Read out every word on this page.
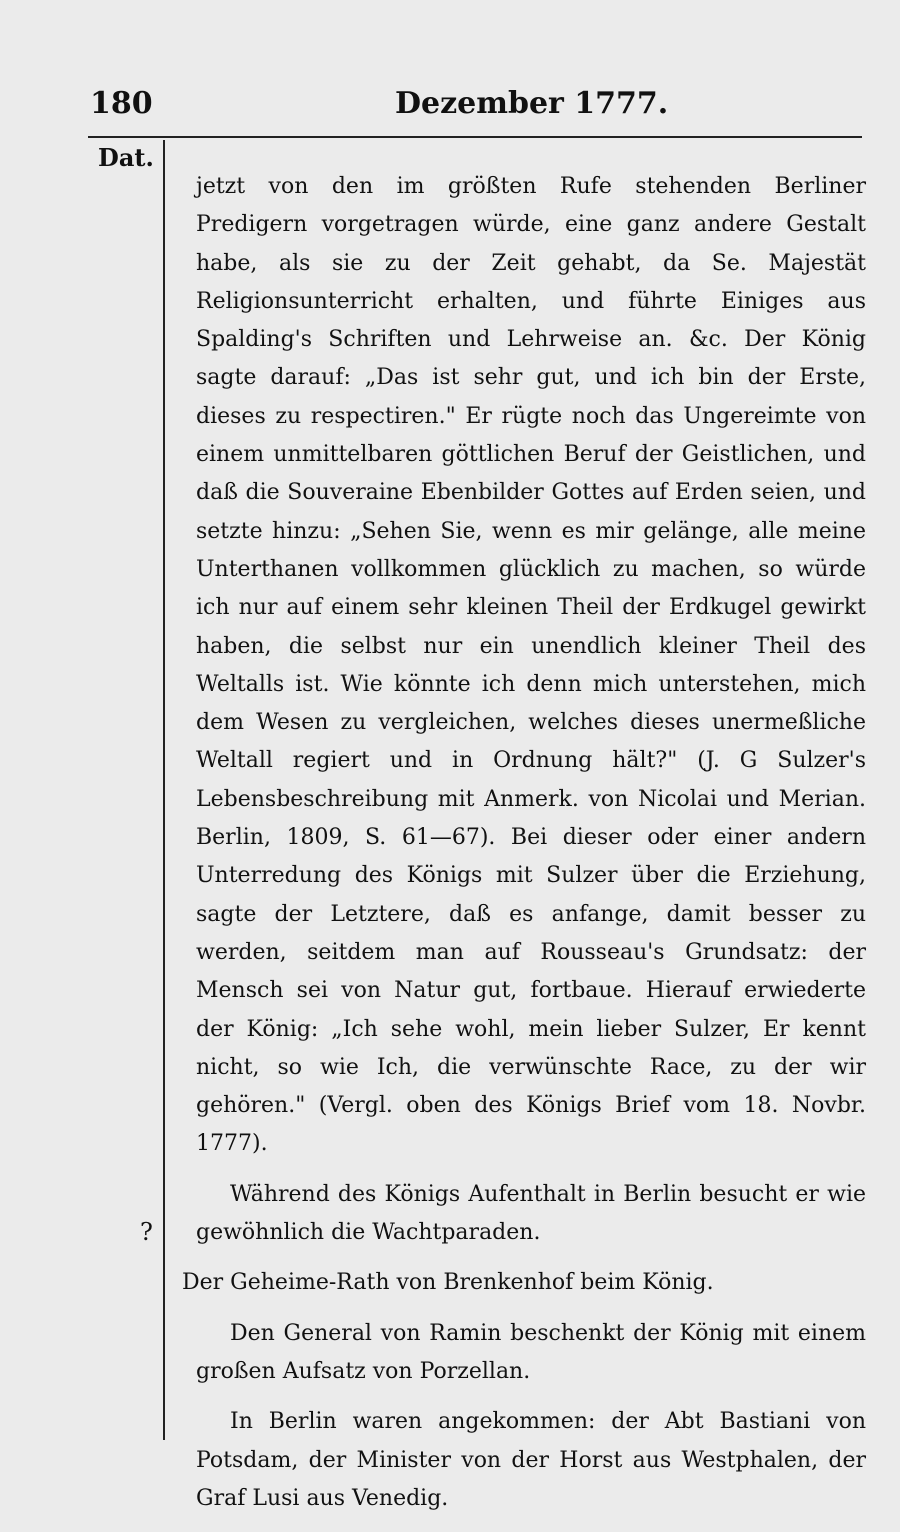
180	Dezember 1777.
Dat.
?

jetzt von den im größten Rufe stehenden Berliner Predigern vorgetragen würde, eine ganz andere Gestalt habe, als sie zu der Zeit gehabt, da Se. Majestät Religionsunterricht erhalten, und führte Einiges aus Spalding's Schriften und Lehrweise an. &c. Der König sagte darauf: „Das ist sehr gut, und ich bin der Erste, dieses zu respectiren." Er rügte noch das Ungereimte von einem unmittelbaren göttlichen Beruf der Geistlichen, und daß die Souveraine Ebenbilder Gottes auf Erden seien, und setzte hinzu: „Sehen Sie, wenn es mir gelänge, alle meine Unterthanen vollkommen glücklich zu machen, so würde ich nur auf einem sehr kleinen Theil der Erdkugel gewirkt haben, die selbst nur ein unendlich kleiner Theil des Weltalls ist. Wie könnte ich denn mich unterstehen, mich dem Wesen zu vergleichen, welches dieses unermeßliche Weltall regiert und in Ordnung hält?" (J. G Sulzer's Lebensbeschreibung mit Anmerk. von Nicolai und Merian. Berlin, 1809, S. 61—67). Bei dieser oder einer andern Unterredung des Königs mit Sulzer über die Erziehung, sagte der Letztere, daß es anfange, damit besser zu werden, seitdem man auf Rousseau's Grundsatz: der Mensch sei von Natur gut, fortbaue. Hierauf erwiederte der König: „Ich sehe wohl, mein lieber Sulzer, Er kennt nicht, so wie Ich, die verwünschte Race, zu der wir gehören." (Vergl. oben des Königs Brief vom 18. Novbr. 1777).

Während des Königs Aufenthalt in Berlin besucht er wie gewöhnlich die Wachtparaden.

Der Geheime-Rath von Brenkenhof beim König.

Den General von Ramin beschenkt der König mit einem großen Aufsatz von Porzellan.

In Berlin waren angekommen: der Abt Bastiani von Potsdam, der Minister von der Horst aus Westphalen, der Graf Lusi aus Venedig.
